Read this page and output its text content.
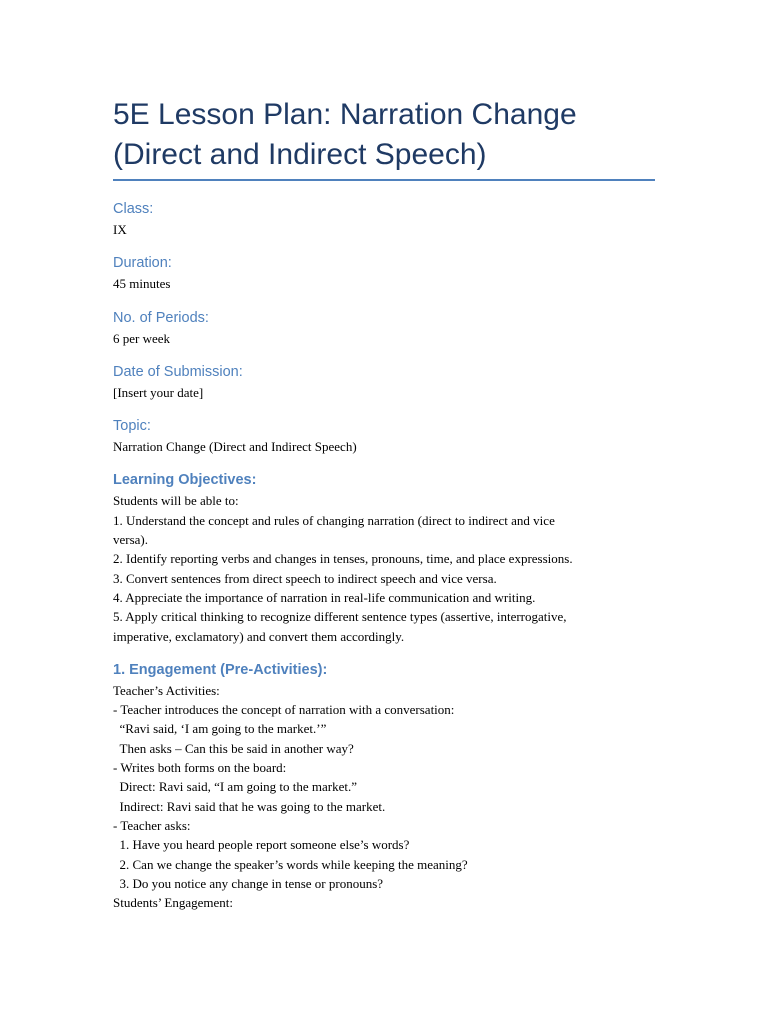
5E Lesson Plan: Narration Change
(Direct and Indirect Speech)
Class:

IX

Duration:

45 minutes

No. of Periods:

6 per week

Date of Submission:

[Insert your date]

Topic:

Narration Change (Direct and Indirect Speech)

Learning Objectives:

Students will be able to:

1. Understand the concept and rules of changing narration (direct to indirect and vice

versa).

2. Identify reporting verbs and changes in tenses, pronouns, time, and place expressions.

3. Convert sentences from direct speech to indirect speech and vice versa.

4. Appreciate the importance of narration in real-life communication and writing.

5. Apply critical thinking to recognize different sentence types (assertive, interrogative,

imperative, exclamatory) and convert them accordingly.

1. Engagement (Pre-Activities):

Teacher’s Activities:

- Teacher introduces the concept of narration with a conversation:

“Ravi said, ‘I am going to the market.’”

Then asks – Can this be said in another way?

- Writes both forms on the board:

Direct: Ravi said, “I am going to the market.”

Indirect: Ravi said that he was going to the market.

- Teacher asks:

1. Have you heard people report someone else’s words?

2. Can we change the speaker’s words while keeping the meaning?

3. Do you notice any change in tense or pronouns?

Students’ Engagement:
